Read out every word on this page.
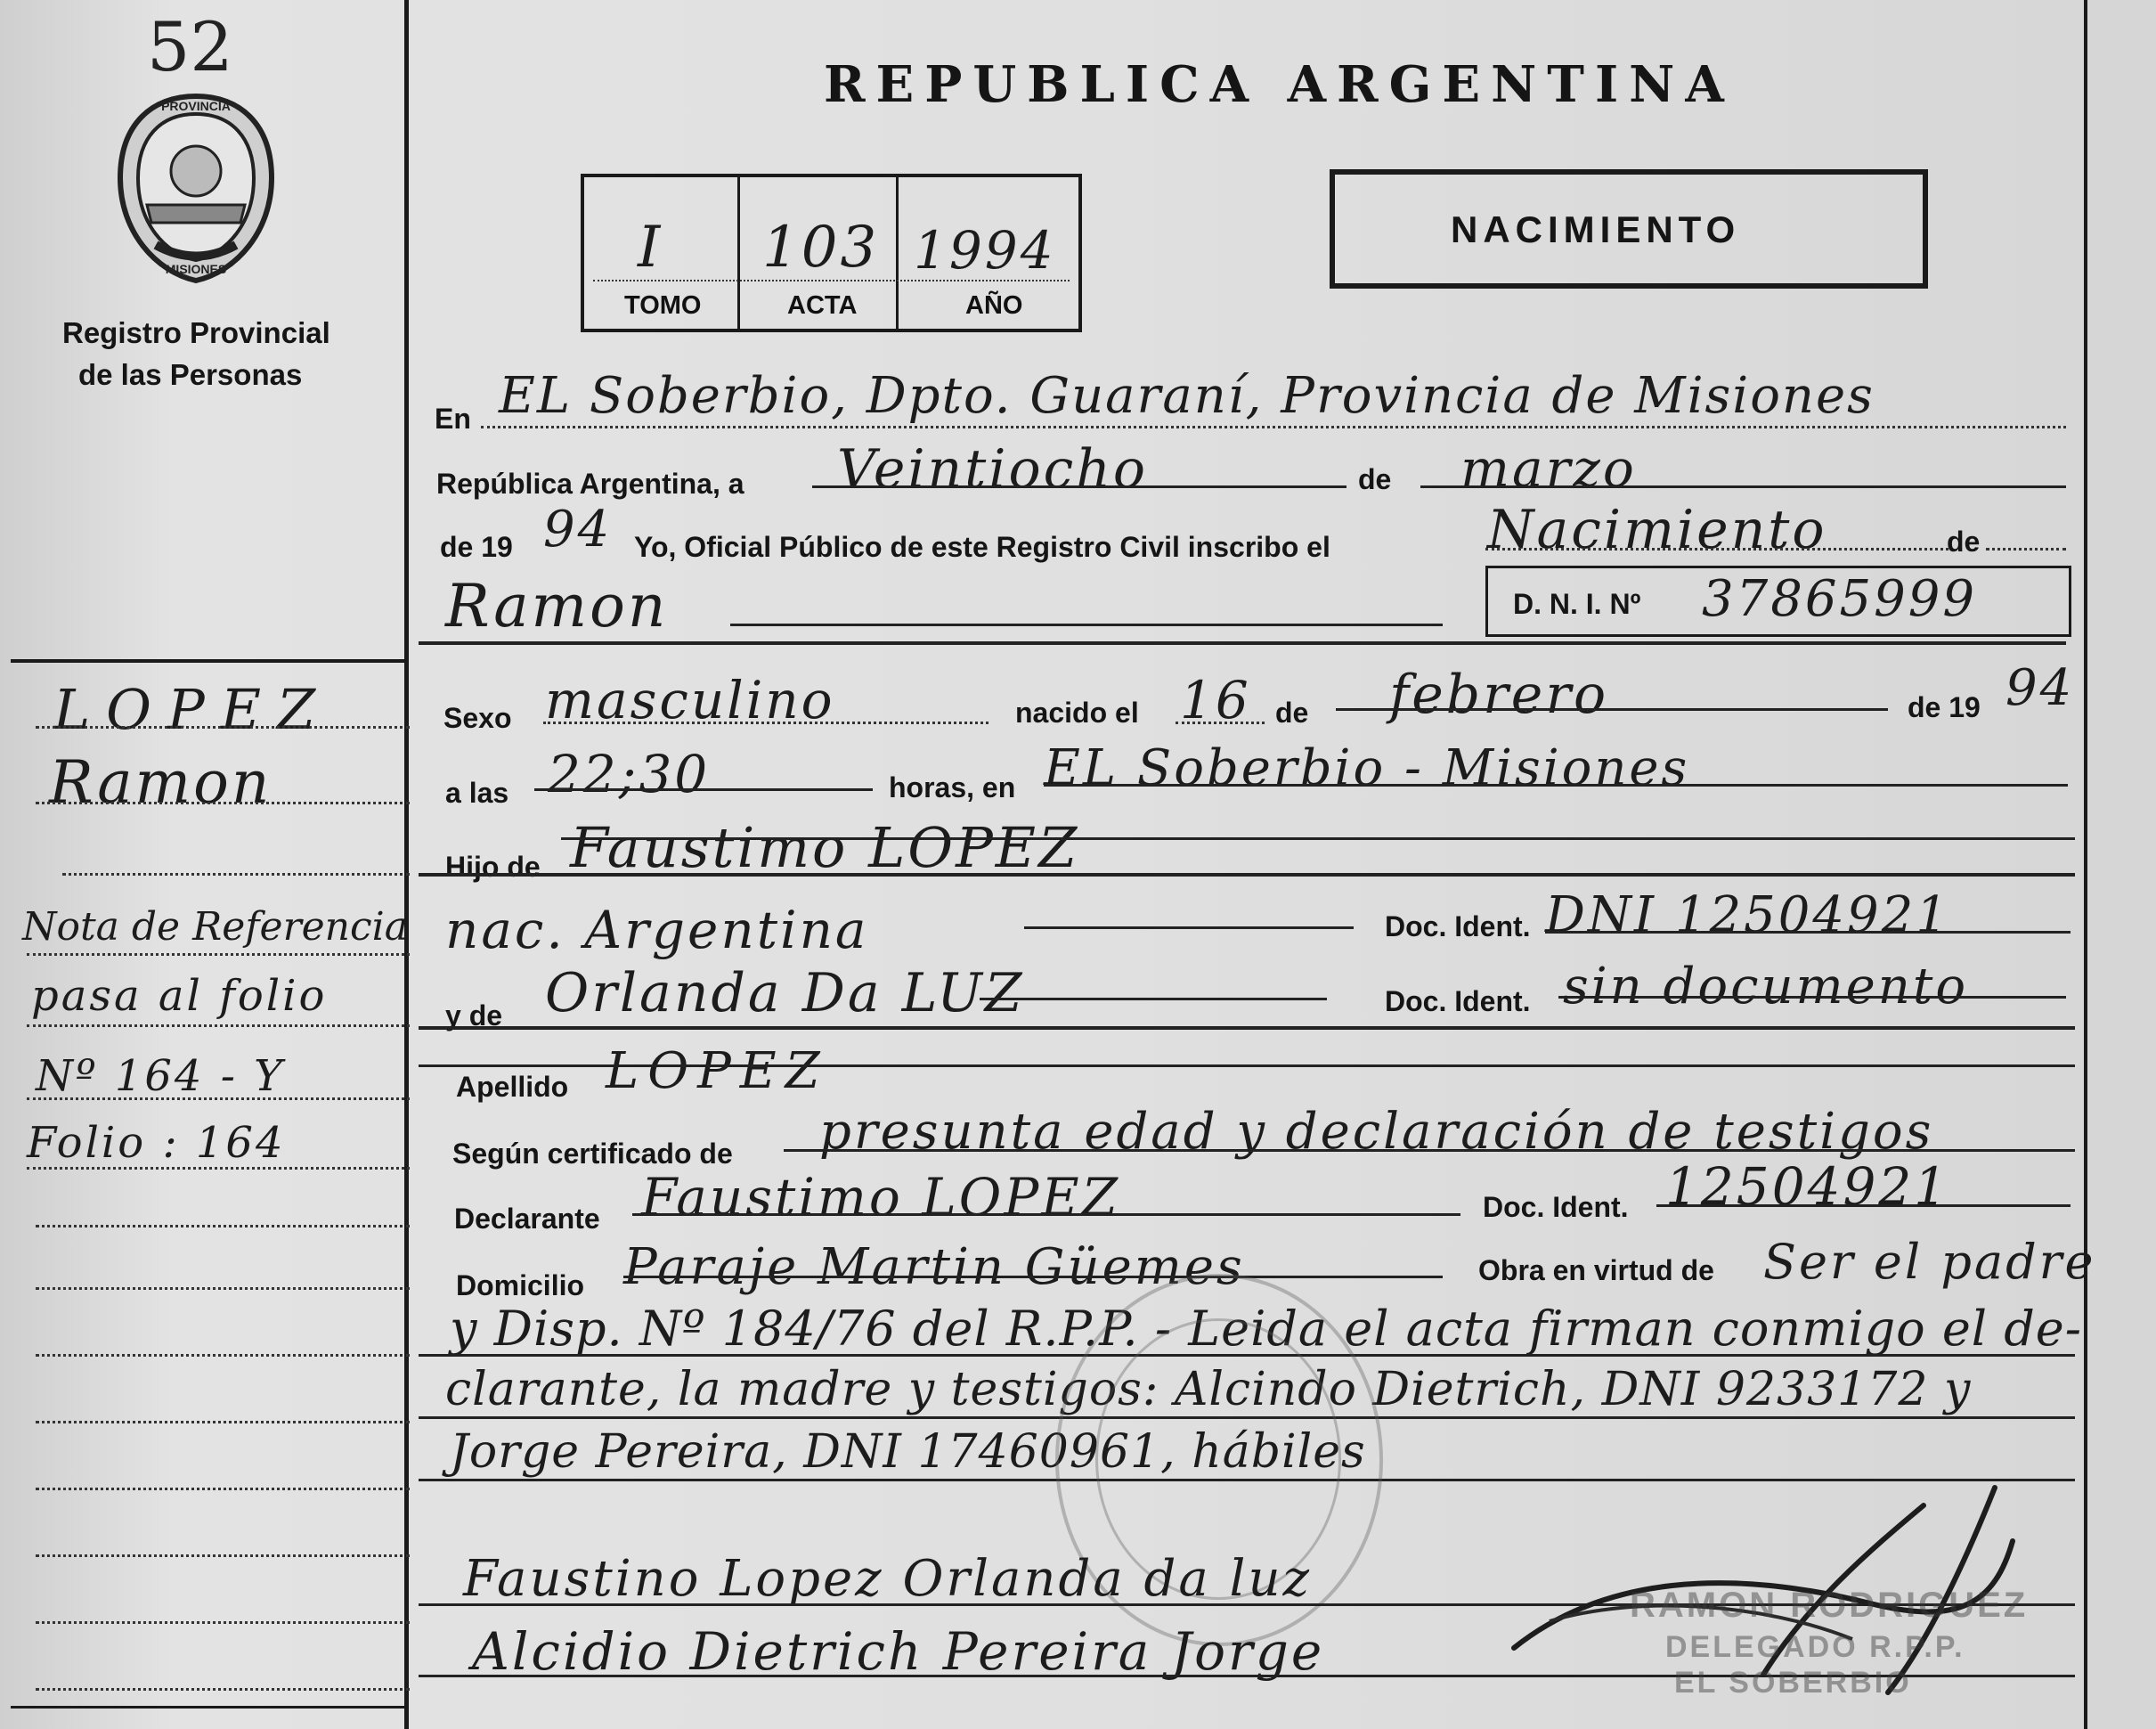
52
PROVINCIA
MISIONES
Registro Provincial
de las Personas
LOPEZ
Ramon
Nota de Referencia
pasa al folio
Nº 164 - Y
Folio : 164
REPUBLICA ARGENTINA
I 103 1994
TOMO	ACTA	AÑO
NACIMIENTO
En EL Soberbio, Dpto. Guaraní, Provincia de Misiones
República Argentina, a Veintiocho	de marzo
de 19 94 Yo, Oficial Público de este Registro Civil inscribo el	Nacimiento	de
Ramon	D. N. I. Nº 37865999
Sexo masculino	nacido el 16 de febrero	de 19 94
a las 22;30	horas, en EL Soberbio - Misiones
Hijo de Faustimo LOPEZ
nac. Argentina	Doc. Ident. DNI 12504921
y de Orlanda Da LUZ	Doc. Ident. sin documento
Apellido LOPEZ
Según certificado de presunta edad y declaración de testigos
Declarante Faustimo LOPEZ	Doc. Ident. 12504921
Domicilio Paraje Martin Güemes	Obra en virtud de Ser el padre
y Disp. Nº 184/76 del R.P.P. - Leida el acta firman conmigo el de-
clarante, la madre y testigos: Alcindo Dietrich, DNI 9233172 y
Jorge Pereira, DNI 17460961, hábiles
Faustino Lopez Orlanda da luz
Alcidio Dietrich Pereira Jorge
RAMON RODRIGUEZ
DELEGADO R.P.P.
EL SOBERBIO
